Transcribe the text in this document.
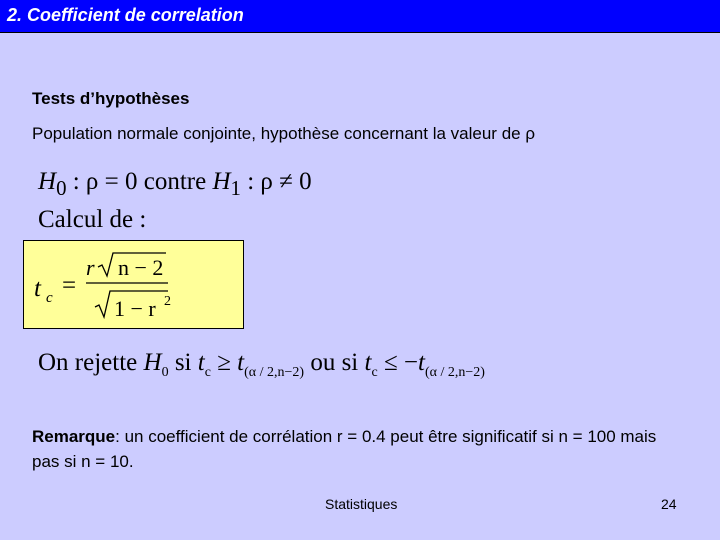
2. Coefficient de correlation
Tests d’hypothèses
Population normale conjointe, hypothèse concernant la valeur de ρ
$H_0$ : ρ = 0 contre $H_1$ : ρ ≠ 0
Calcul de :
t c =
r n − 2
1 − r 2
On rejette $H_0$ si $t_c \ge t_{(\alpha / 2,n-2)}$ ou si $t_c \le -t_{(\alpha / 2,n-2)}$
Remarque: un coefficient de corrélation r = 0.4 peut être significatif si n = 100 mais pas si n = 10.
Statistiques	24
